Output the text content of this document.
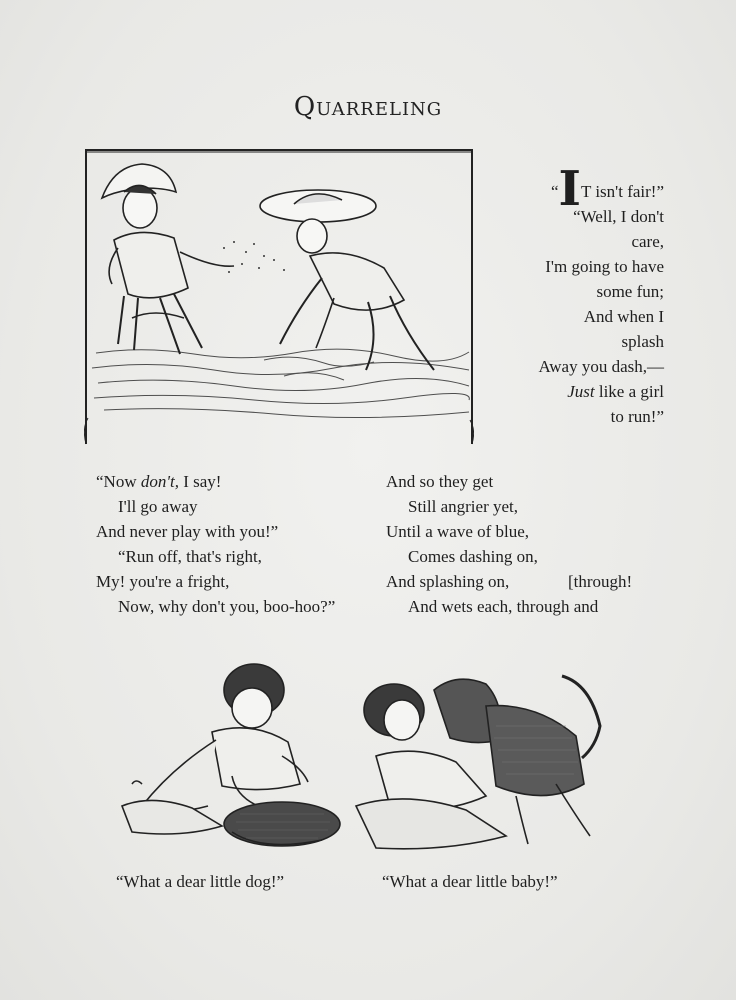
Quarreling
“IT isn't fair!”
“Well, I don't
care,
I'm going to have
some fun;
And when I
splash
Away you dash,—
Just like a girl
to run!”
“Now don't, I say!
I'll go away
And never play with you!”
“Run off, that's right,
My! you're a fright,
Now, why don't you, boo-hoo?”
And so they get
Still angrier yet,
Until a wave of blue,
Comes dashing on,
And splashing on,
And wets each, through and
[through!
“What a dear little dog!”	“What a dear little baby!”
